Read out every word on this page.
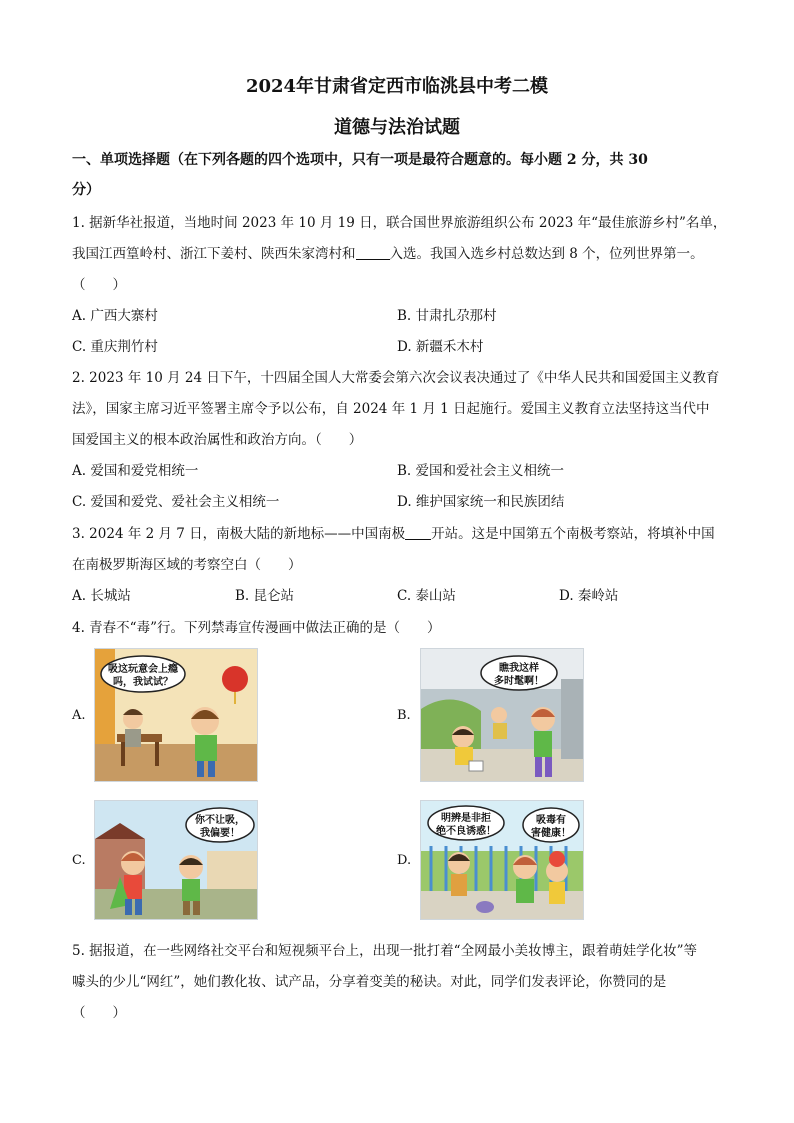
2024年甘肃省定西市临洮县中考二模
道德与法治试题
一、单项选择题（在下列各题的四个选项中，只有一项是最符合题意的。每小题 2 分，共 30
分）
1. 据新华社报道，当地时间 2023 年 10 月 19 日，联合国世界旅游组织公布 2023 年“最佳旅游乡村”名单，
我国江西篁岭村、浙江下姜村、陕西朱家湾村和	入选。我国入选乡村总数达到 8 个，位列世界第一。
（　　）
A. 广西大寨村	B. 甘肃扎尕那村
C. 重庆荆竹村	D. 新疆禾木村
2. 2023 年 10 月 24 日下午，十四届全国人大常委会第六次会议表决通过了《中华人民共和国爱国主义教育
法》，国家主席习近平签署主席令予以公布，自 2024 年 1 月 1 日起施行。爱国主义教育立法坚持这当代中
国爱国主义的根本政治属性和政治方向。（　　）
A. 爱国和爱党相统一	B. 爱国和爱社会主义相统一
C. 爱国和爱党、爱社会主义相统一	D. 维护国家统一和民族团结
3. 2024 年 2 月 7 日，南极大陆的新地标——中国南极 开站。这是中国第五个南极考察站，将填补中国
在南极罗斯海区域的考察空白（　　）
A. 长城站	B. 昆仑站	C. 泰山站	D. 秦岭站
4. 青春不“毒”行。下列禁毒宣传漫画中做法正确的是（　　）
A.	B.
C.	D.
吸这玩意会上瘾
吗，我试试？
瞧我这样
多时髦啊！
你不让吸，
我偏要！
明辨是非拒
绝不良诱惑！
吸毒有
害健康！
5. 据报道，在一些网络社交平台和短视频平台上，出现一批打着“全网最小美妆博主，跟着萌娃学化妆”等
噱头的少儿“网红”，她们教化妆、试产品，分享着变美的秘诀。对此，同学们发表评论，你赞同的是
（　　）
